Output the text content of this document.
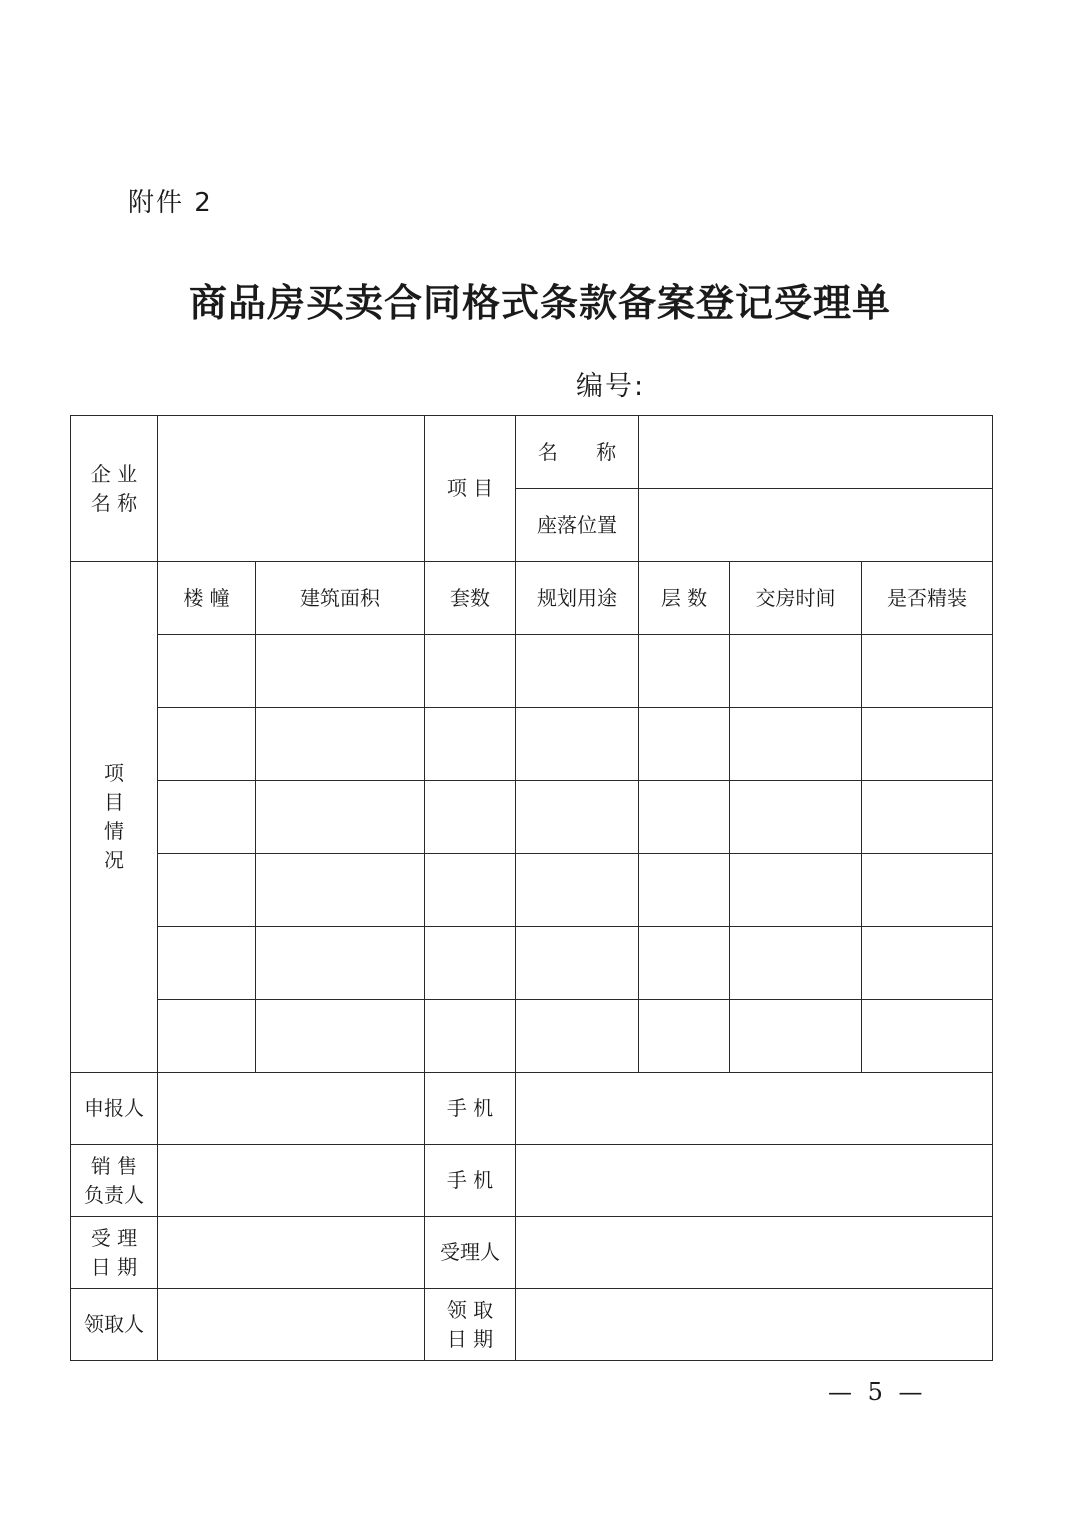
附件 2
商品房买卖合同格式条款备案登记受理单
编号:
企 业
名 称			项 目	名      称			
				座落位置			
项目情况	楼 幢	建筑面积	套数	规划用途	层 数	交房时间	是否精装

申报人			手 机				
销 售
负责人			手 机				
受 理
日 期			受理人				
领取人			领 取
日 期				
— 5 —
